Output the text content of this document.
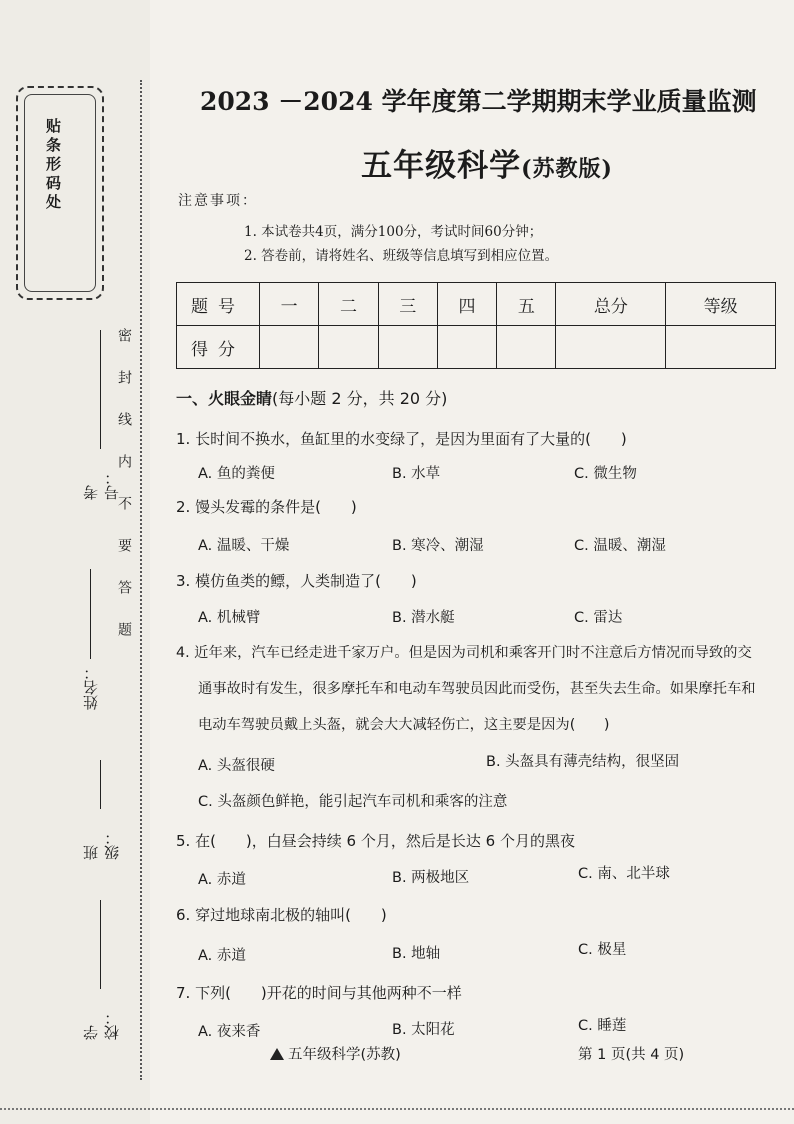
贴条形码处
考号：
姓名：
班级：
学校：
密封线内不要答题
2023 －2024 学年度第二学期期末学业质量监测
五年级科学(苏教版)
注意事项：
1. 本试卷共4页，满分100分，考试时间60分钟；
2. 答卷前，请将姓名、班级等信息填写到相应位置。
题号	一	二	三	四	五	总分	等级
得分							
一、火眼金睛(每小题 2 分，共 20 分)
1. 长时间不换水，鱼缸里的水变绿了，是因为里面有了大量的(　　)
A. 鱼的粪便	B. 水草	C. 微生物
2. 馒头发霉的条件是(　　)
A. 温暖、干燥	B. 寒冷、潮湿	C. 温暖、潮湿
3. 模仿鱼类的鳔，人类制造了(　　)
A. 机械臂	B. 潜水艇	C. 雷达
4. 近年来，汽车已经走进千家万户。但是因为司机和乘客开门时不注意后方情况而导致的交
通事故时有发生，很多摩托车和电动车驾驶员因此而受伤，甚至失去生命。如果摩托车和
电动车驾驶员戴上头盔，就会大大减轻伤亡，这主要是因为(　　)
A. 头盔很硬	B. 头盔具有薄壳结构，很坚固
C. 头盔颜色鲜艳，能引起汽车司机和乘客的注意
5. 在(　　)，白昼会持续 6 个月，然后是长达 6 个月的黑夜
A. 赤道	B. 两极地区	C. 南、北半球
6. 穿过地球南北极的轴叫(　　)
A. 赤道	B. 地轴	C. 极星
7. 下列(　　)开花的时间与其他两种不一样
A. 夜来香	B. 太阳花	C. 睡莲
五年级科学(苏教)	第 1 页(共 4 页)
